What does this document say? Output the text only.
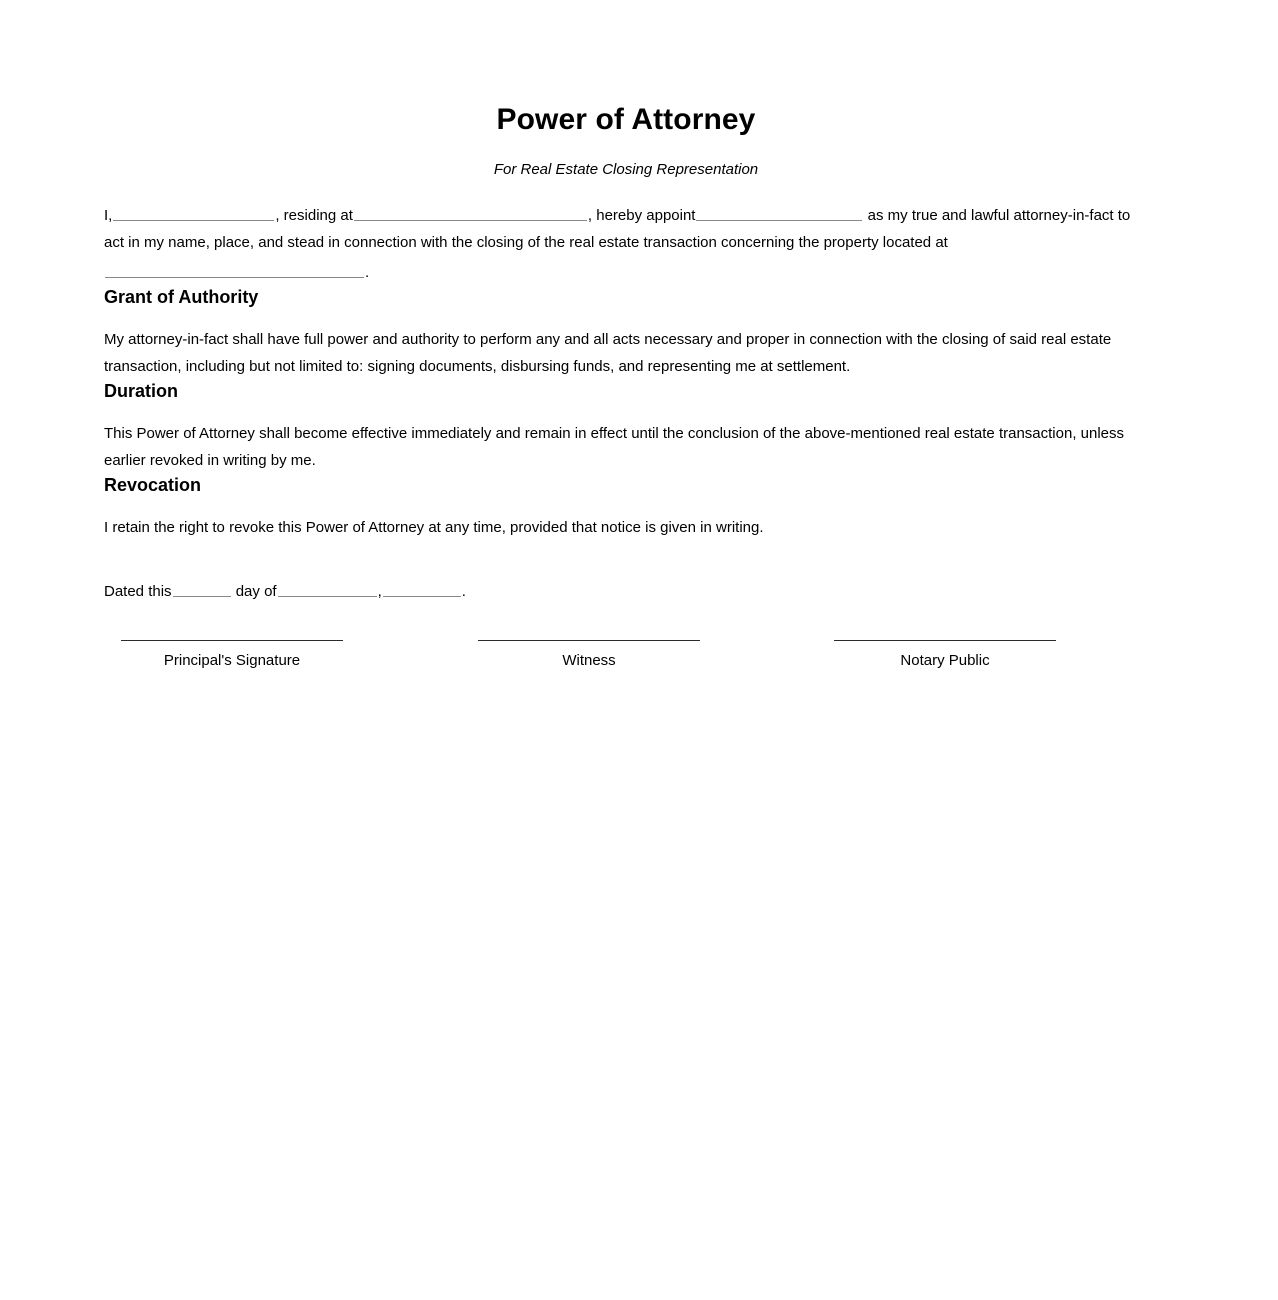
Power of Attorney
For Real Estate Closing Representation

I,	, residing at	, hereby appoint	as my true and lawful attorney-in-fact to act in my name, place, and stead in connection with the closing of the real estate transaction concerning the property located at

.

Grant of Authority

My attorney-in-fact shall have full power and authority to perform any and all acts necessary and proper in connection with the closing of said real estate transaction, including but not limited to: signing documents, disbursing funds, and representing me at settlement.

Duration

This Power of Attorney shall become effective immediately and remain in effect until the conclusion of the above-mentioned real estate transaction, unless earlier revoked in writing by me.

Revocation

I retain the right to revoke this Power of Attorney at any time, provided that notice is given in writing.

Dated this	day of	,	.

Principal's Signature	Witness	Notary Public
